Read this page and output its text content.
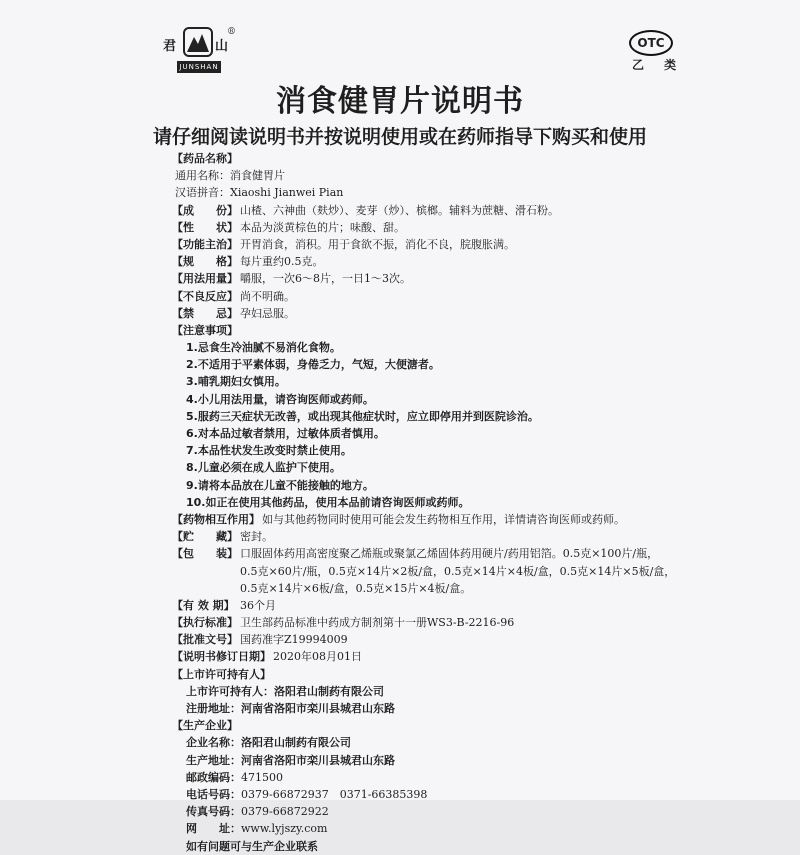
君	山
®
JUNSHAN
OTC
乙 类
消食健胃片说明书
请仔细阅读说明书并按说明使用或在药师指导下购买和使用
【药品名称】
通用名称：消食健胃片
汉语拼音：Xiaoshi Jianwei Pian
【成　　份】 山楂、六神曲（麸炒）、麦芽（炒）、槟榔。辅料为蔗糖、滑石粉。
【性　　状】 本品为淡黄棕色的片；味酸、甜。
【功能主治】 开胃消食，消积。用于食欲不振，消化不良，脘腹胀满。
【规　　格】 每片重约0.5克。
【用法用量】 嚼服，一次6～8片，一日1～3次。
【不良反应】 尚不明确。
【禁　　忌】 孕妇忌服。
【注意事项】
1.忌食生冷油腻不易消化食物。
2.不适用于平素体弱，身倦乏力，气短，大便溏者。
3.哺乳期妇女慎用。
4.小儿用法用量，请咨询医师或药师。
5.服药三天症状无改善，或出现其他症状时，应立即停用并到医院诊治。
6.对本品过敏者禁用，过敏体质者慎用。
7.本品性状发生改变时禁止使用。
8.儿童必须在成人监护下使用。
9.请将本品放在儿童不能接触的地方。
10.如正在使用其他药品，使用本品前请咨询医师或药师。
【药物相互作用】 如与其他药物同时使用可能会发生药物相互作用，详情请咨询医师或药师。
【贮　　藏】 密封。
【包　　装】 口服固体药用高密度聚乙烯瓶或聚氯乙烯固体药用硬片/药用铝箔。0.5克×100片/瓶，
0.5克×60片/瓶，0.5克×14片×2板/盒，0.5克×14片×4板/盒，0.5克×14片×5板/盒，
0.5克×14片×6板/盒，0.5克×15片×4板/盒。
【有 效 期】 36个月
【执行标准】 卫生部药品标准中药成方制剂第十一册WS3-B-2216-96
【批准文号】 国药准字Z19994009
【说明书修订日期】 2020年08月01日
【上市许可持有人】
上市许可持有人：洛阳君山制药有限公司
注册地址：河南省洛阳市栾川县城君山东路
【生产企业】
企业名称： 洛阳君山制药有限公司
生产地址： 河南省洛阳市栾川县城君山东路
邮政编码： 471500
电话号码： 0379-66872937　0371-66385398
传真号码： 0379-66872922
网　　址： www.lyjszy.com
如有问题可与生产企业联系
